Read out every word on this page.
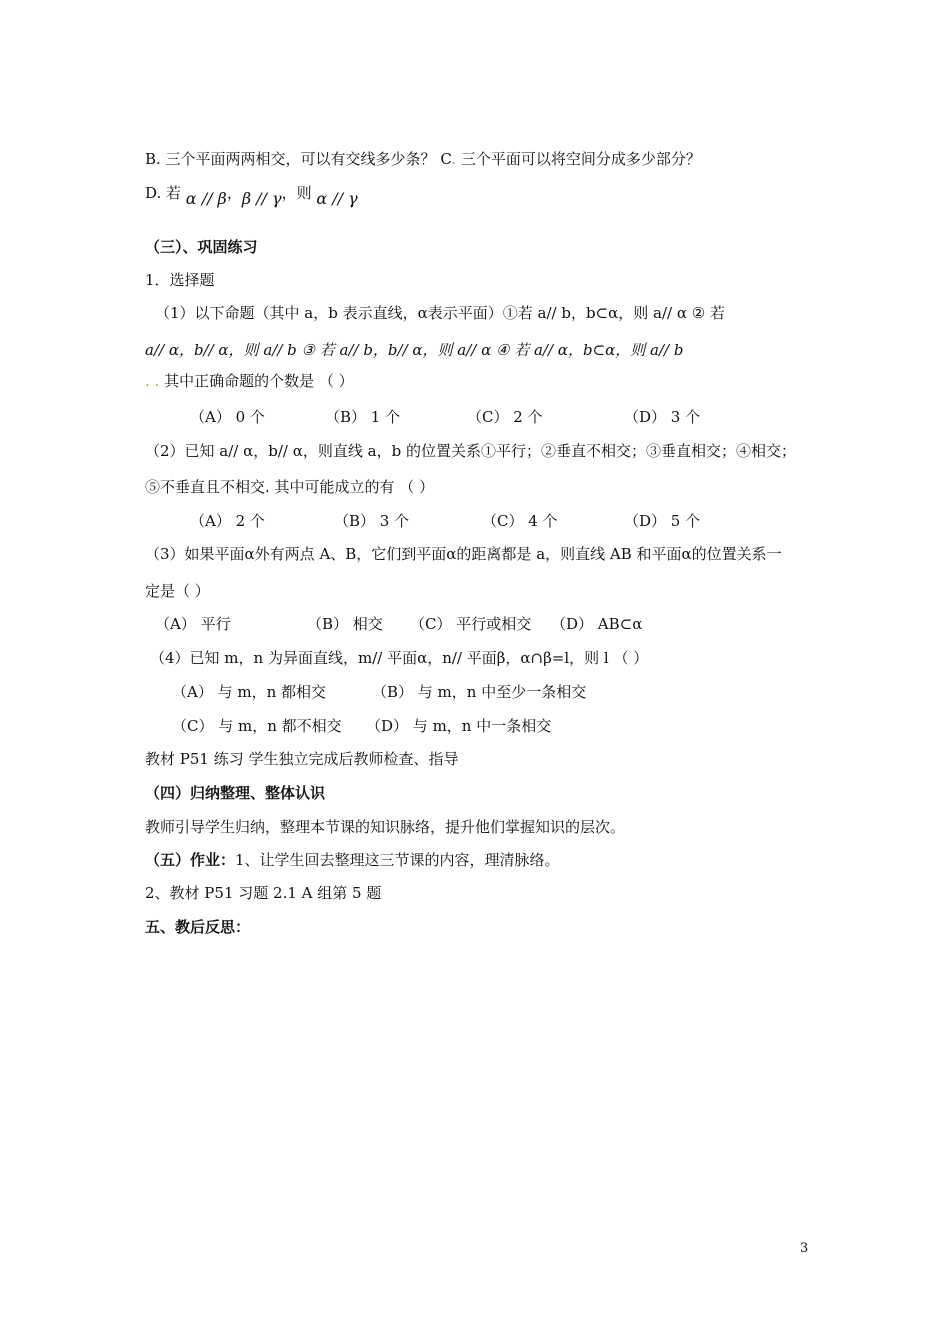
B. 三个平面两两相交，可以有交线多少条？ C. 三个平面可以将空间分成多少部分？
D. 若 α // β，β // γ，则 α // γ
（三）、巩固练习
1．选择题
（1）以下命题（其中 a，b 表示直线，α表示平面）①若 a// b，b⊂α，则 a// α ② 若
a// α，b// α，则 a// b ③ 若 a// b，b// α，则 a// α ④ 若 a// α，b⊂α，则 a// b
. . 其中正确命题的个数是 （ ）
（A） 0 个	（B） 1 个	（C） 2 个	（D） 3 个
（2）已知 a// α，b// α，则直线 a，b 的位置关系①平行；②垂直不相交；③垂直相交；④相交；
⑤不垂直且不相交. 其中可能成立的有 （ ）
（A） 2 个	（B） 3 个	（C） 4 个	（D） 5 个
（3）如果平面α外有两点 A、B，它们到平面α的距离都是 a，则直线 AB 和平面α的位置关系一
定是（ ）
（A） 平行	（B） 相交 （C） 平行或相交 （D） AB⊂α
（4）已知 m，n 为异面直线，m// 平面α，n// 平面β，α∩β=l，则 l （ ）
（A） 与 m，n 都相交	（B） 与 m，n 中至少一条相交
（C） 与 m，n 都不相交 （D） 与 m，n 中一条相交
教材 P51 练习 学生独立完成后教师检查、指导
（四）归纳整理、整体认识
教师引导学生归纳，整理本节课的知识脉络，提升他们掌握知识的层次。
（五）作业：1、让学生回去整理这三节课的内容，理清脉络。
2、教材 P51 习题 2.1 A 组第 5 题
五、教后反思：
3
